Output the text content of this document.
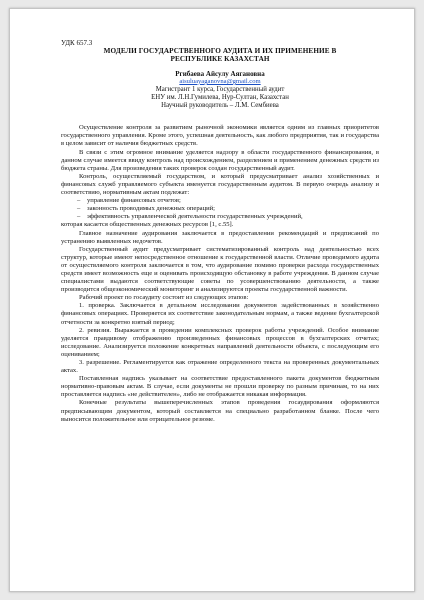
УДК 657.3
МОДЕЛИ ГОСУДАРСТВЕННОГО АУДИТА И ИХ ПРИМЕНЕНИЕ В
РЕСПУБЛИКЕ КАЗАХСТАН
Ргибаева Айсулу Аягановна
aisuluayaganovna@gmail.com
Магистрант 1 курса, Государственный аудит
ЕНУ им. Л.Н.Гумилева, Нур-Султан, Казахстан
Научный руководитель – Л.М. Сембиева

Осуществление контроля за развитием рыночной экономики является одним из главных приоритетов государственного управления. Кроме этого, успешная деятельность, как любого предприятия, так и государства в целом зависит от наличия бюджетных средств.

В связи с этим огромное внимание уделяется надзору в области государственного финансирования, в данном случае имеется ввиду контроль над происхождением, разделением и применением денежных средств из бюджета страны. Для произведения таких проверок создан государственный аудит.

Контроль, осуществляемый государством, и который предусматривает анализ хозяйственных и финансовых служб управляемого субъекта именуется государственным аудитом. В первую очередь анализу и соответствию, нормативным актам подлежат:

– управление финансовых отчетов;
– законность проводимых денежных операций;
– эффективность управленческой деятельности государственных учреждений,

которая касается общественных денежных ресурсов [1, с.55].

Главное назначение аудирования заключается в предоставлении рекомендаций и предписаний по устранению выявленных недочетов.

Государственный аудит предусматривает систематизированный контроль над деятельностью всех структур, которые имеют непосредственное отношение к государственной власти. Отличие проводимого аудита от осуществляемого контроля заключается в том, что аудирование помимо проверки расхода государственных средств имеет возможность еще и оценивать происходящую обстановку в работе учреждения. В данном случае специалистами выдаются соответствующие советы по усовершенствованию деятельности, а также производится общеэкономический мониторинг и анализируются проекты государственной важности.

Рабочий проект по госаудиту состоит из следующих этапов:

1. проверка. Заключается в детальном исследовании документов задействованных в хозяйственно финансовых операциях. Проверяется их соответствие законодательным нормам, а также ведение бухгалтерской отчетности за конкретно взятый период;

2. ревизия. Выражается в проведении комплексных проверок работы учреждений. Особое внимание уделяется правдивому отображению произведенных финансовых процессов в бухгалтерских отчетах; исследование. Анализируется положение конкретных направлений деятельности объекта, с последующим его оцениванием;

3. разрешение. Регламентируется как отражение определенного текста на проверенных документальных актах.

Поставленная надпись указывает на соответствие предоставленного пакета документов бюджетным нормативно-правовым актам. В случае, если документы не прошли проверку по разным причинам, то на них проставляется надпись «не действителен», либо не отображается никакая информация.

Конечные результаты вышеперечисленных этапов проведения госаудирования оформляются предписывающим документом, который составляется на специально разработанном бланке. После чего выносится положительное или отрицательное резюме.
